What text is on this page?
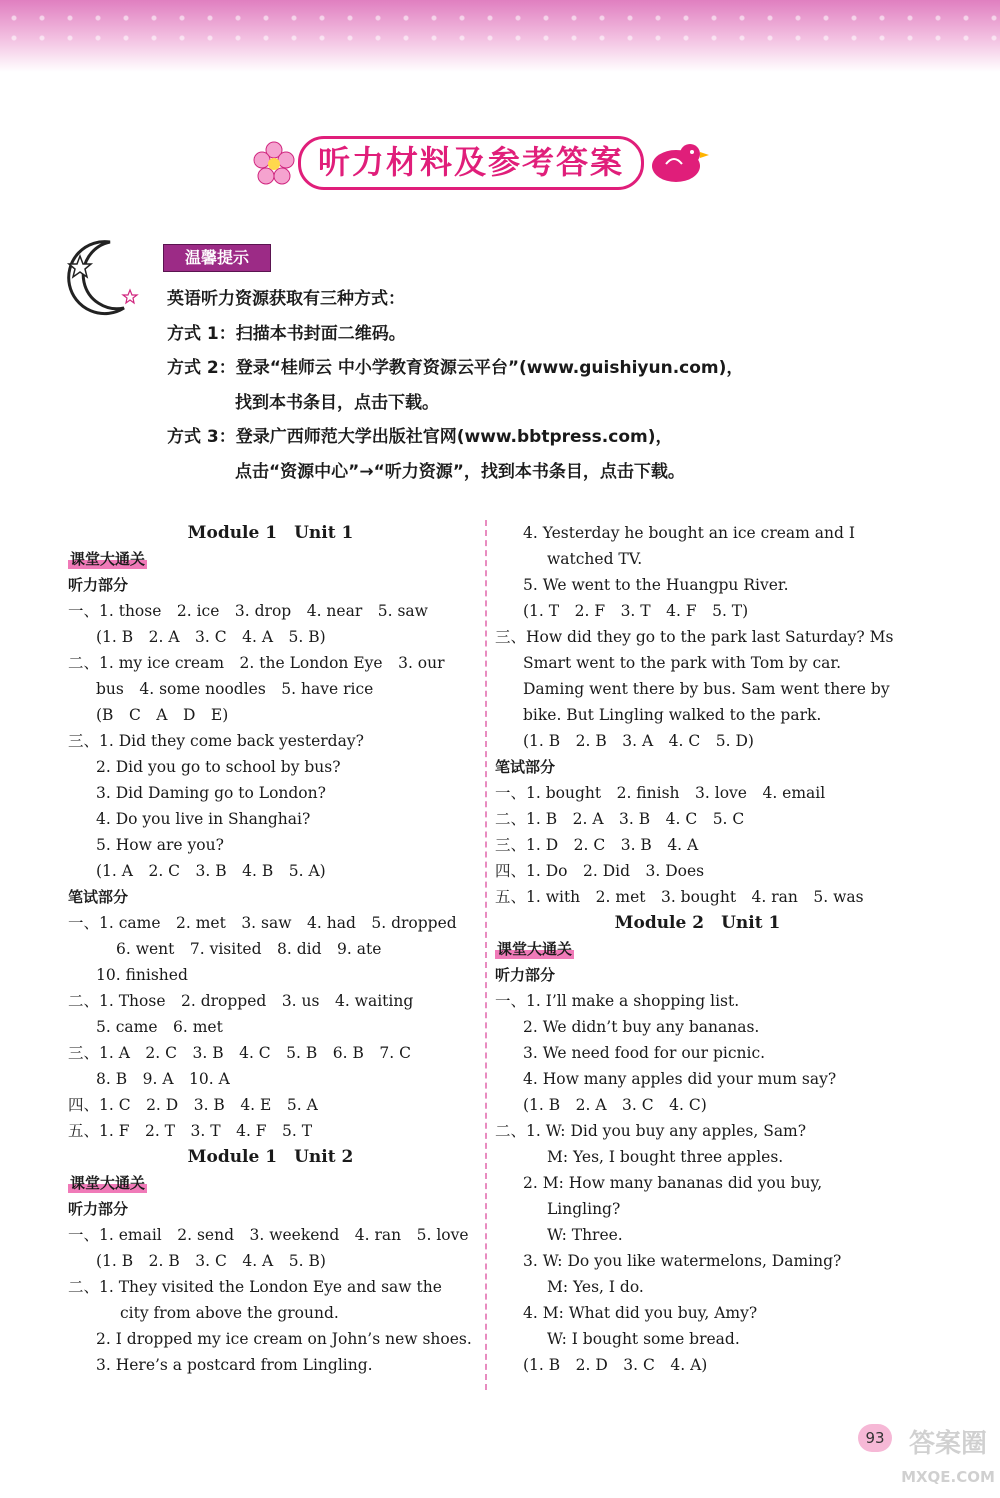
听力材料及参考答案
温馨提示
英语听力资源获取有三种方式：
方式 1：扫描本书封面二维码。
方式 2：登录“桂师云 中小学教育资源云平台”(www.guishiyun.com)，
找到本书条目，点击下载。
方式 3：登录广西师范大学出版社官网(www.bbtpress.com)，
点击“资源中心”→“听力资源”，找到本书条目，点击下载。
Module 1　Unit 1
课堂大通关
听力部分
一、1. those　2. ice　3. drop　4. near　5. saw
(1. B　2. A　3. C　4. A　5. B)
二、1. my ice cream　2. the London Eye　3. our
bus　4. some noodles　5. have rice
(B　C　A　D　E)
三、1. Did they come back yesterday?
2. Did you go to school by bus?
3. Did Daming go to London?
4. Do you live in Shanghai?
5. How are you?
(1. A　2. C　3. B　4. B　5. A)
笔试部分
一、1. came　2. met　3. saw　4. had　5. dropped
6. went　7. visited　8. did　9. ate
10. finished
二、1. Those　2. dropped　3. us　4. waiting
5. came　6. met
三、1. A　2. C　3. B　4. C　5. B　6. B　7. C
8. B　9. A　10. A
四、1. C　2. D　3. B　4. E　5. A
五、1. F　2. T　3. T　4. F　5. T
Module 1　Unit 2
课堂大通关
听力部分
一、1. email　2. send　3. weekend　4. ran　5. love
(1. B　2. B　3. C　4. A　5. B)
二、1. They visited the London Eye and saw the
city from above the ground.
2. I dropped my ice cream on John’s new shoes.
3. Here’s a postcard from Lingling.
4. Yesterday he bought an ice cream and I
watched TV.
5. We went to the Huangpu River.
(1. T　2. F　3. T　4. F　5. T)
三、How did they go to the park last Saturday? Ms
Smart went to the park with Tom by car.
Daming went there by bus. Sam went there by
bike. But Lingling walked to the park.
(1. B　2. B　3. A　4. C　5. D)
笔试部分
一、1. bought　2. finish　3. love　4. email
二、1. B　2. A　3. B　4. C　5. C
三、1. D　2. C　3. B　4. A
四、1. Do　2. Did　3. Does
五、1. with　2. met　3. bought　4. ran　5. was
Module 2　Unit 1
课堂大通关
听力部分
一、1. I’ll make a shopping list.
2. We didn’t buy any bananas.
3. We need food for our picnic.
4. How many apples did your mum say?
(1. B　2. A　3. C　4. C)
二、1. W: Did you buy any apples, Sam?
M: Yes, I bought three apples.
2. M: How many bananas did you buy,
Lingling?
W: Three.
3. W: Do you like watermelons, Daming?
M: Yes, I do.
4. M: What did you buy, Amy?
W: I bought some bread.
(1. B　2. D　3. C　4. A)
93 答案圈
MXQE.COM
